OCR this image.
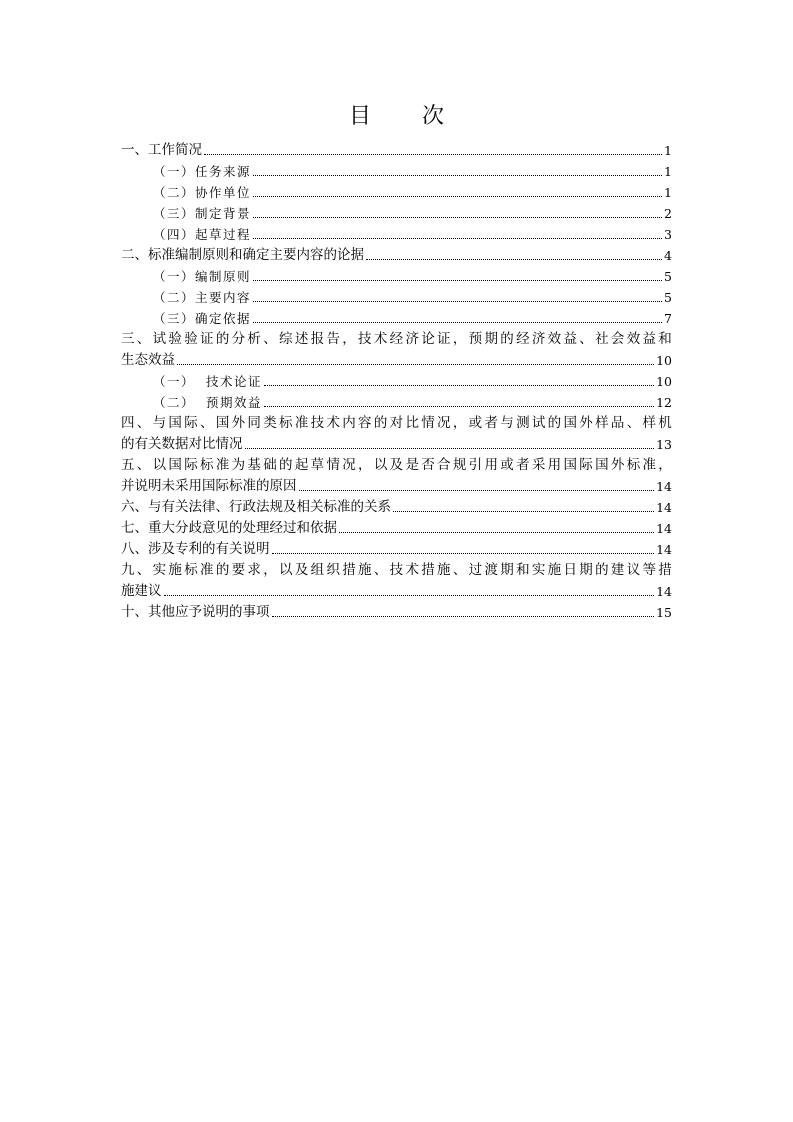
目 次
一、工作简况	1
（一）任务来源	1
（二）协作单位	1
（三）制定背景	2
（四）起草过程	3
二、标准编制原则和确定主要内容的论据	4
（一）编制原则	5
（二）主要内容	5
（三）确定依据	7
三、试验验证的分析、综述报告，技术经济论证，预期的经济效益、社会效益和
生态效益	10
（一）  技术论证	10
（二）  预期效益	12
四、与国际、国外同类标准技术内容的对比情况，或者与测试的国外样品、样机
的有关数据对比情况	13
五、以国际标准为基础的起草情况，以及是否合规引用或者采用国际国外标准，
并说明未采用国际标准的原因	14
六、与有关法律、行政法规及相关标准的关系	14
七、重大分歧意见的处理经过和依据	14
八、涉及专利的有关说明	14
九、实施标准的要求，以及组织措施、技术措施、过渡期和实施日期的建议等措
施建议	14
十、其他应予说明的事项	15
